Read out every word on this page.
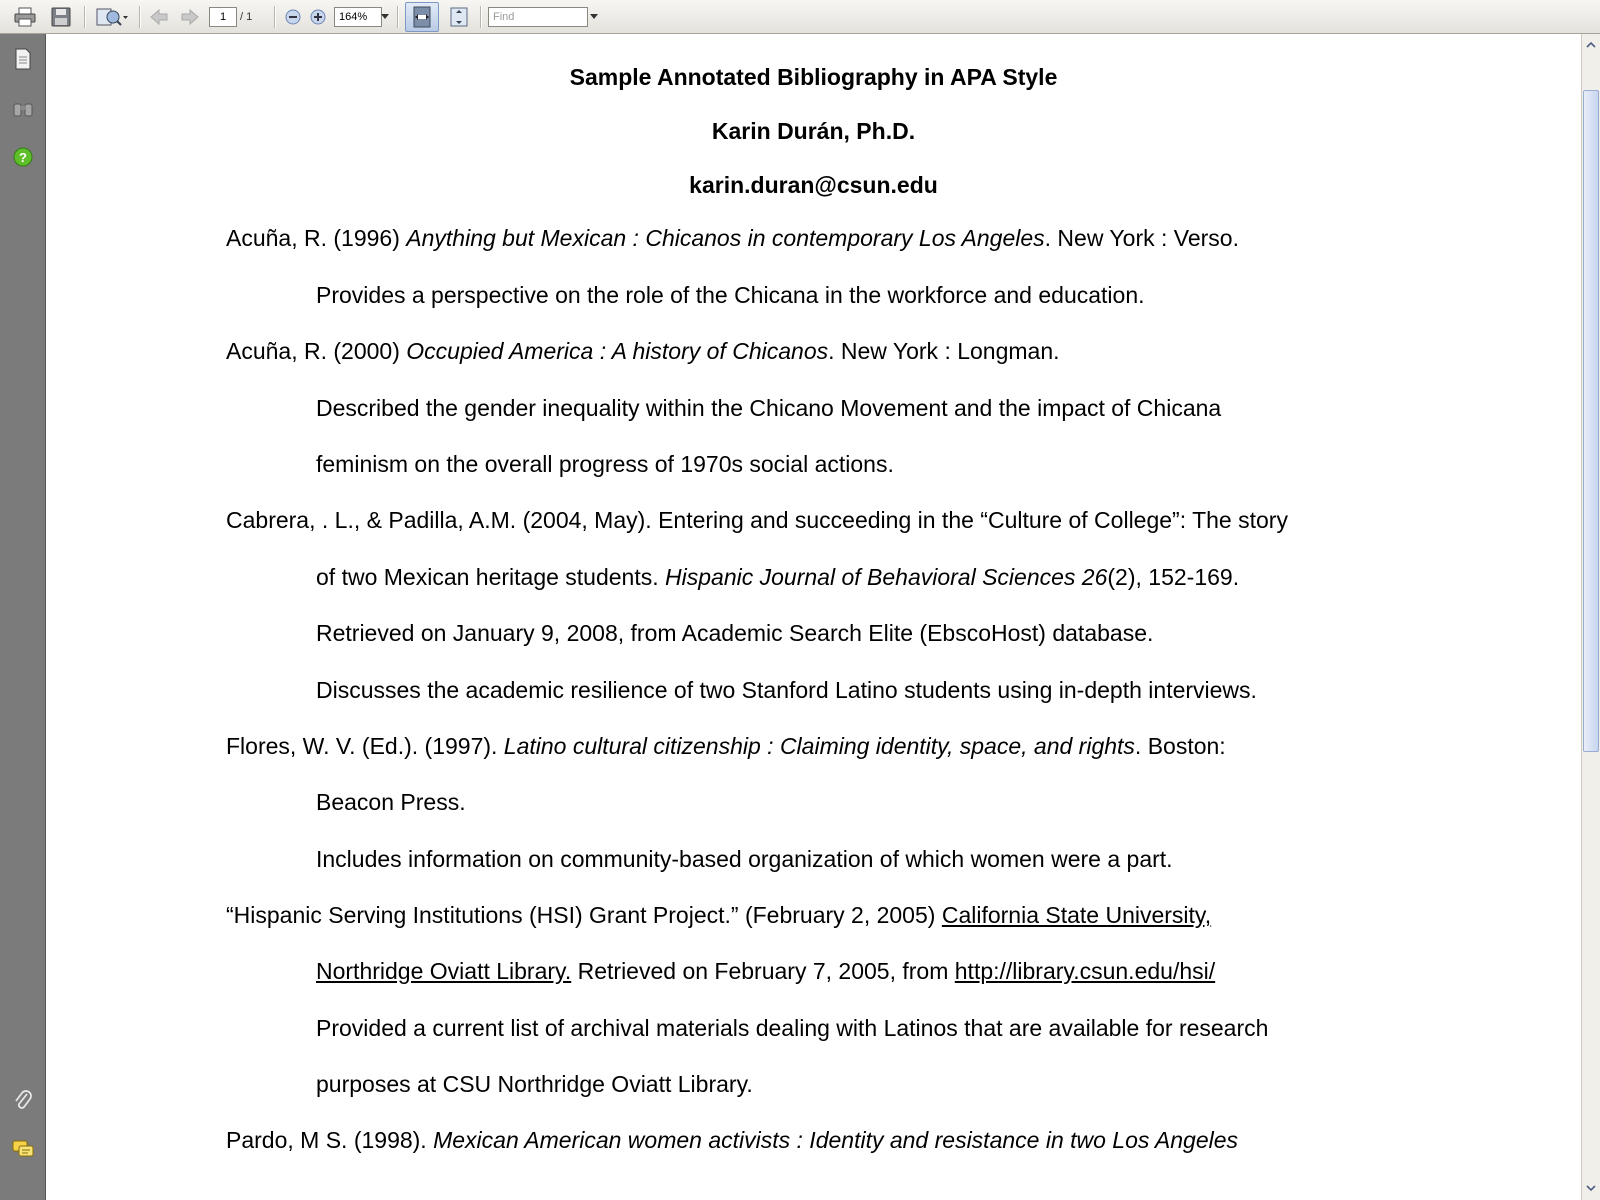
1	/ 1	164%	Find
?
Sample Annotated Bibliography in APA Style
Karin Durán, Ph.D.
karin.duran@csun.edu
Acuña, R. (1996) Anything but Mexican : Chicanos in contemporary Los Angeles. New York : Verso.
Provides a perspective on the role of the Chicana in the workforce and education.
Acuña, R. (2000) Occupied America : A history of Chicanos. New York : Longman.
Described the gender inequality within the Chicano Movement and the impact of Chicana
feminism on the overall progress of 1970s social actions.
Cabrera, . L., & Padilla, A.M. (2004, May). Entering and succeeding in the “Culture of College”: The story
of two Mexican heritage students. Hispanic Journal of Behavioral Sciences 26(2), 152-169.
Retrieved on January 9, 2008, from Academic Search Elite (EbscoHost) database.
Discusses the academic resilience of two Stanford Latino students using in-depth interviews.
Flores, W. V. (Ed.). (1997). Latino cultural citizenship : Claiming identity, space, and rights. Boston:
Beacon Press.
Includes information on community-based organization of which women were a part.
“Hispanic Serving Institutions (HSI) Grant Project.” (February 2, 2005) California State University,
Northridge Oviatt Library. Retrieved on February 7, 2005, from http://library.csun.edu/hsi/
Provided a current list of archival materials dealing with Latinos that are available for research
purposes at CSU Northridge Oviatt Library.
Pardo, M S. (1998). Mexican American women activists : Identity and resistance in two Los Angeles
